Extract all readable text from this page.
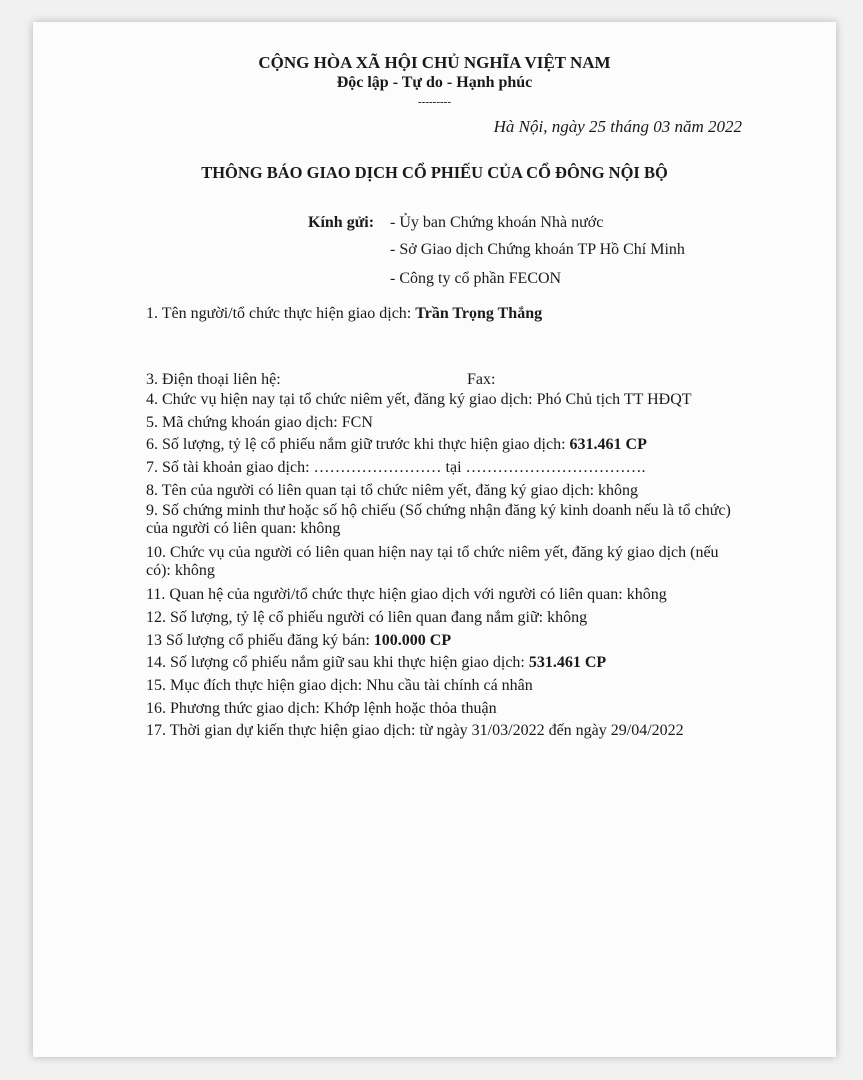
CỘNG HÒA XÃ HỘI CHỦ NGHĨA VIỆT NAM
Độc lập - Tự do - Hạnh phúc
---------
Hà Nội, ngày 25 tháng 03 năm 2022
THÔNG BÁO GIAO DỊCH CỔ PHIẾU CỦA CỔ ĐÔNG NỘI BỘ
Kính gửi: - Ủy ban Chứng khoán Nhà nước
- Sở Giao dịch Chứng khoán TP Hồ Chí Minh
- Công ty cổ phần FECON
1. Tên người/tổ chức thực hiện giao dịch: Trần Trọng Thắng
3. Điện thoại liên hệ:	Fax:
4. Chức vụ hiện nay tại tổ chức niêm yết, đăng ký giao dịch: Phó Chủ tịch TT HĐQT
5. Mã chứng khoán giao dịch: FCN
6. Số lượng, tỷ lệ cổ phiếu nắm giữ trước khi thực hiện giao dịch: 631.461 CP
7. Số tài khoản giao dịch: …………………… tại …………………………….
8. Tên của người có liên quan tại tổ chức niêm yết, đăng ký giao dịch: không
9. Số chứng minh thư hoặc số hộ chiếu (Số chứng nhận đăng ký kinh doanh nếu là tổ chức) của người có liên quan: không
10. Chức vụ của người có liên quan hiện nay tại tổ chức niêm yết, đăng ký giao dịch (nếu có): không
11. Quan hệ của người/tổ chức thực hiện giao dịch với người có liên quan: không
12. Số lượng, tỷ lệ cổ phiếu người có liên quan đang nắm giữ: không
13 Số lượng cổ phiếu đăng ký bán: 100.000 CP
14. Số lượng cổ phiếu nắm giữ sau khi thực hiện giao dịch: 531.461 CP
15. Mục đích thực hiện giao dịch: Nhu cầu tài chính cá nhân
16. Phương thức giao dịch: Khớp lệnh hoặc thỏa thuận
17. Thời gian dự kiến thực hiện giao dịch: từ ngày 31/03/2022 đến ngày 29/04/2022
